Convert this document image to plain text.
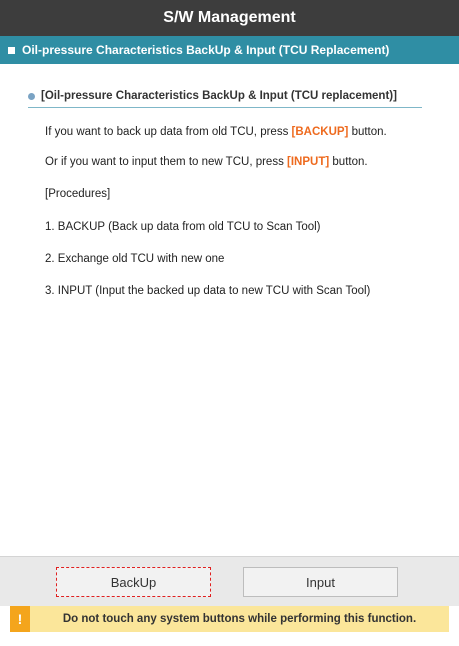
S/W Management
Oil-pressure Characteristics BackUp & Input (TCU Replacement)
[Oil-pressure Characteristics BackUp & Input (TCU replacement)]
If you want to back up data from old TCU, press [BACKUP] button.
Or if you want to input them to new TCU, press [INPUT] button.
[Procedures]
1. BACKUP (Back up data from old TCU to Scan Tool)
2. Exchange old TCU with new one
3. INPUT (Input the backed up data to new TCU with Scan Tool)
BackUp	Input
!	Do not touch any system buttons while performing this function.
